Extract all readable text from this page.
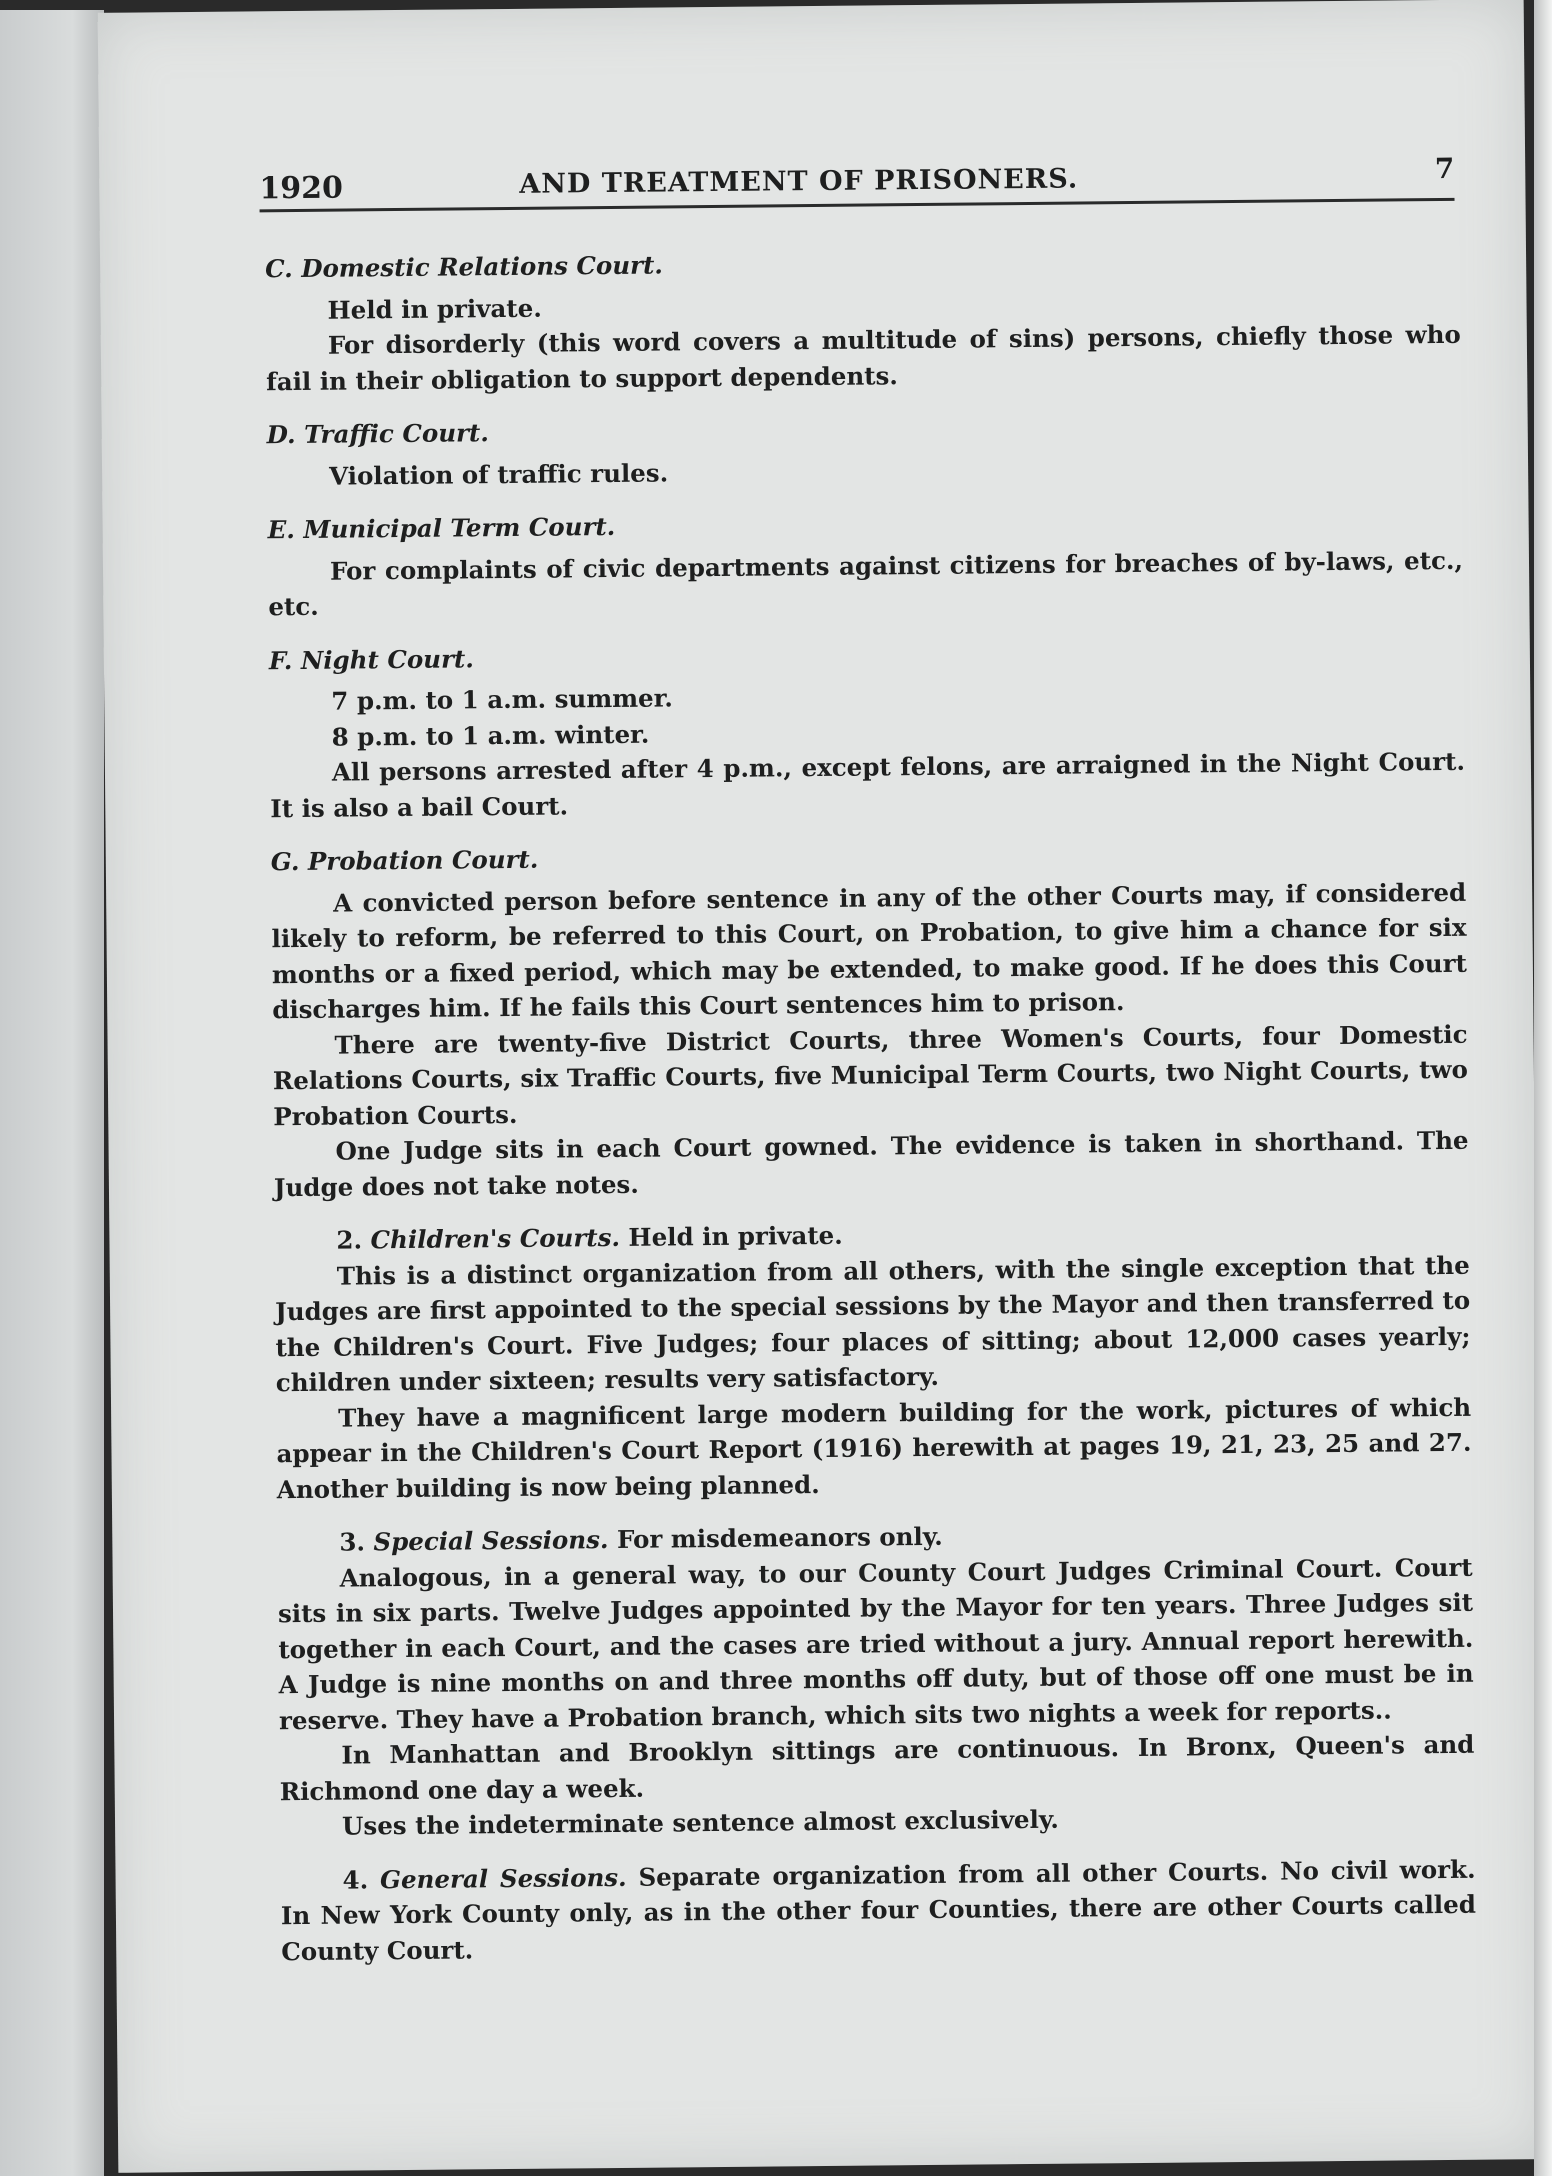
1920	AND TREATMENT OF PRISONERS.	7

C. Domestic Relations Court.

Held in private.

For disorderly (this word covers a multitude of sins) persons, chiefly those who fail in their obligation to support dependents.

D. Traffic Court.

Violation of traffic rules.

E. Municipal Term Court.

For complaints of civic departments against citizens for breaches of by-laws, etc., etc.

F. Night Court.

7 p.m. to 1 a.m. summer.

8 p.m. to 1 a.m. winter.

All persons arrested after 4 p.m., except felons, are arraigned in the Night Court. It is also a bail Court.

G. Probation Court.

A convicted person before sentence in any of the other Courts may, if considered likely to reform, be referred to this Court, on Probation, to give him a chance for six months or a fixed period, which may be extended, to make good. If he does this Court discharges him. If he fails this Court sentences him to prison.

There are twenty-five District Courts, three Women's Courts, four Domestic Relations Courts, six Traffic Courts, five Municipal Term Courts, two Night Courts, two Probation Courts.

One Judge sits in each Court gowned. The evidence is taken in shorthand. The Judge does not take notes.

2. Children's Courts. Held in private.

This is a distinct organization from all others, with the single exception that the Judges are first appointed to the special sessions by the Mayor and then transferred to the Children's Court. Five Judges; four places of sitting; about 12,000 cases yearly; children under sixteen; results very satisfactory.

They have a magnificent large modern building for the work, pictures of which appear in the Children's Court Report (1916) herewith at pages 19, 21, 23, 25 and 27. Another building is now being planned.

3. Special Sessions. For misdemeanors only.

Analogous, in a general way, to our County Court Judges Criminal Court. Court sits in six parts. Twelve Judges appointed by the Mayor for ten years. Three Judges sit together in each Court, and the cases are tried without a jury. Annual report herewith. A Judge is nine months on and three months off duty, but of those off one must be in reserve. They have a Probation branch, which sits two nights a week for reports..

In Manhattan and Brooklyn sittings are continuous. In Bronx, Queen's and Richmond one day a week.

Uses the indeterminate sentence almost exclusively.

4. General Sessions. Separate organization from all other Courts. No civil work. In New York County only, as in the other four Counties, there are other Courts called County Court.
